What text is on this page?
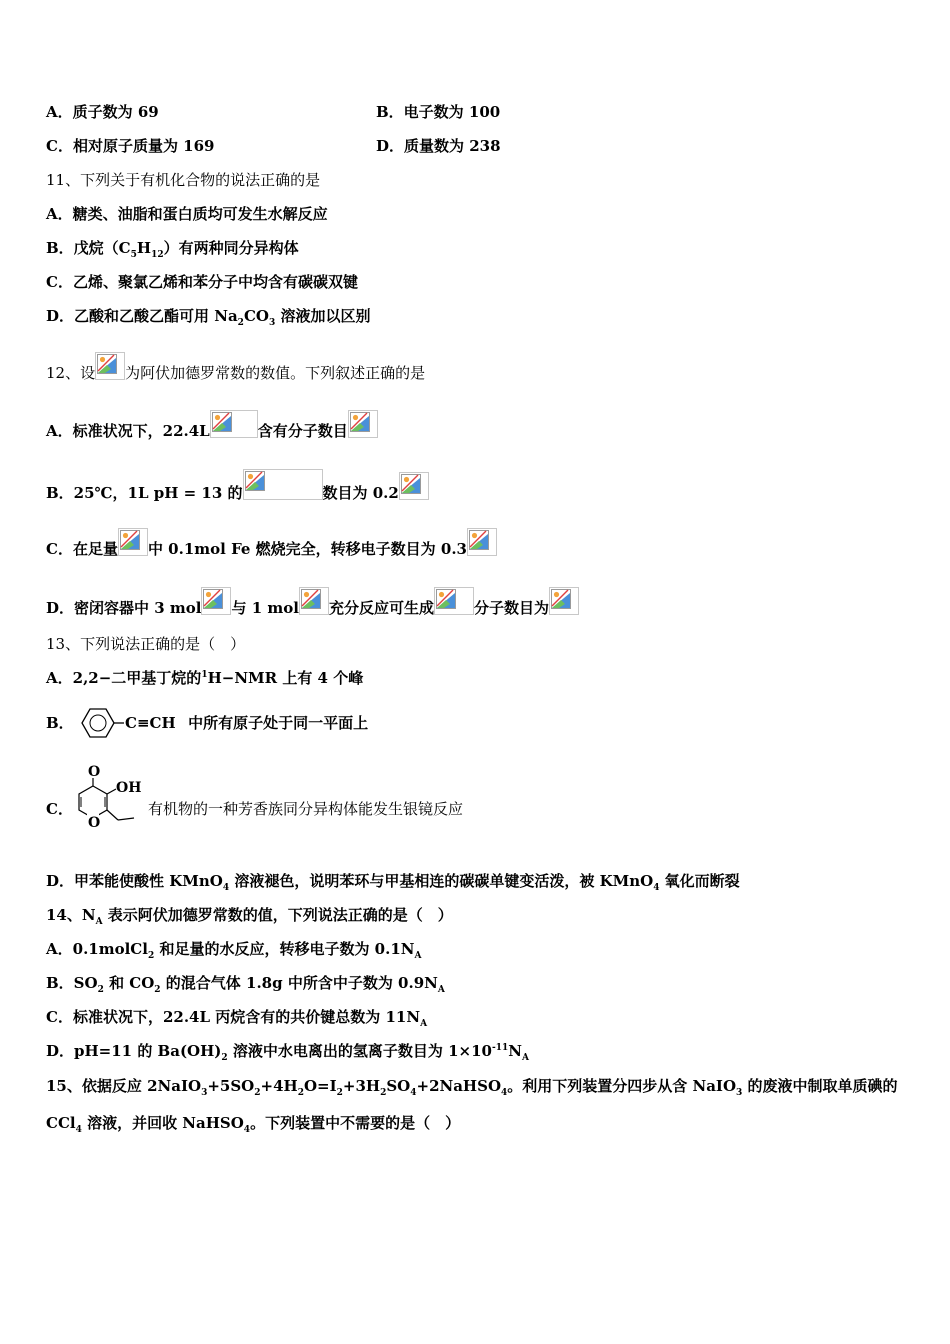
A．质子数为 69	B．电子数为 100
C．相对原子质量为 169	D．质量数为 238
11、下列关于有机化合物的说法正确的是
A．糖类、油脂和蛋白质均可发生水解反应
B．戊烷$(C_5H_{12})$有两种同分异构体
C．乙烯、聚氯乙烯和苯分子中均含有碳碳双键
D．乙酸和乙酸乙酯可用 $Na_2CO_3$ 溶液加以区别
12、设 为阿伏加德罗常数的数值。下列叙述正确的是
A．标准状况下，22.4L	含有分子数目
B．25℃，1L pH = 13 的	数目为 0.2
C．在足量 中 0.1mol Fe 燃烧完全，转移电子数目为 0.3
D．密闭容器中 3 mol 与 1 mol 充分反应可生成	分子数目为
13、下列说法正确的是（　）
A．2,2−二甲基丁烷的$^1$H−NMR 上有 4 个峰
B．	C≡CH 中所有原子处于同一平面上
C．
O
OH
O
有机物的一种芳香族同分异构体能发生银镜反应
D．甲苯能使酸性 KMnO$_4$ 溶液褪色，说明苯环与甲基相连的碳碳单键变活泼，被 KMnO$_4$ 氧化而断裂
14、$N_A$ 表示阿伏加德罗常数的值，下列说法正确的是（　）
A．0.1molCl$_2$ 和足量的水反应，转移电子数为 $0.1N_A$
B．$SO_2$ 和 $CO_2$ 的混合气体 1.8g 中所含中子数为 $0.9N_A$
C．标准状况下，22.4L 丙烷含有的共价键总数为 $11N_A$
D．pH=11 的 $Ba(OH)_2$ 溶液中水电离出的氢离子数目为 $1\times 10^{-11}N_A$
15、依据反应 $2NaIO_3+5SO_2+4H_2O=I_2+3H_2SO_4+2NaHSO_4$。利用下列装置分四步从含 NaIO$_3$ 的废液中制取单质碘的
CCl$_4$ 溶液，并回收 NaHSO$_4$。下列装置中不需要的是（　）
